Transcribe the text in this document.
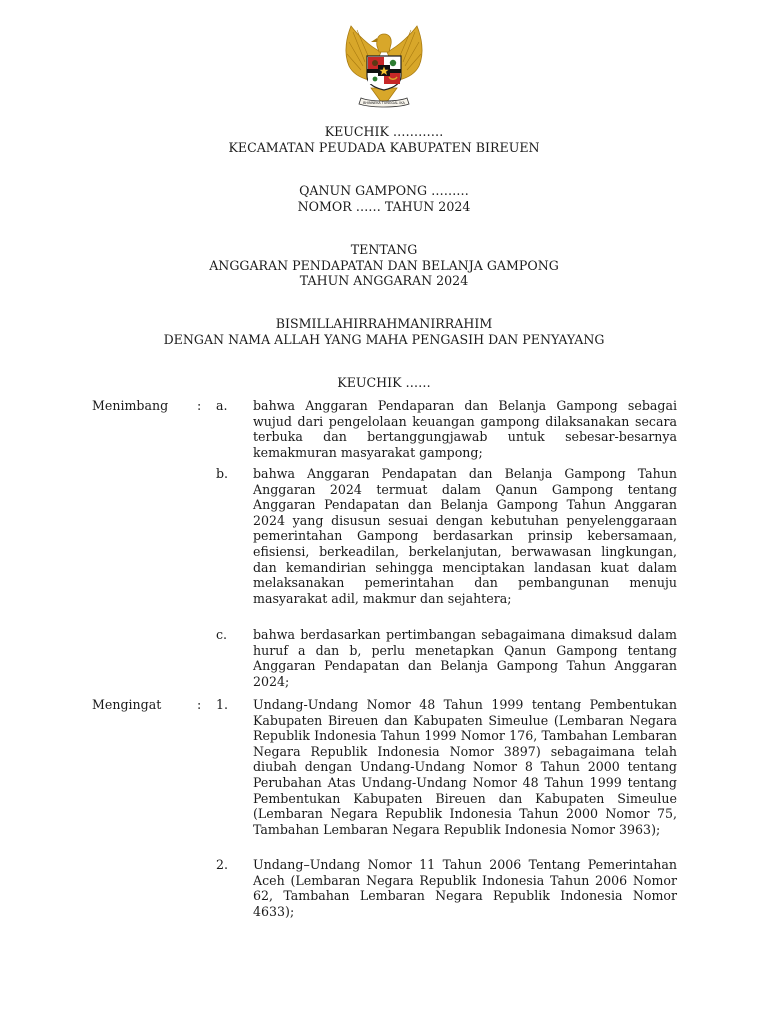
BHINNEKA TUNGGAL IKA
KEUCHIK …………
KECAMATAN PEUDADA KABUPATEN BIREUEN
QANUN GAMPONG ………
NOMOR …… TAHUN 2024
TENTANG
ANGGARAN PENDAPATAN DAN BELANJA GAMPONG
TAHUN ANGGARAN 2024
BISMILLAHIRRAHMANIRRAHIM
DENGAN NAMA ALLAH YANG MAHA PENGASIH DAN PENYAYANG
KEUCHIK ……
Menimbang : a. bahwa Anggaran Pendaparan dan Belanja Gampong sebagai wujud dari pengelolaan keuangan gampong dilaksanakan secara terbuka dan bertanggungjawab untuk sebesar-besarnya kemakmuran masyarakat gampong;

b. bahwa Anggaran Pendapatan dan Belanja Gampong Tahun Anggaran 2024 termuat dalam Qanun Gampong tentang Anggaran Pendapatan dan Belanja Gampong Tahun Anggaran 2024 yang disusun sesuai dengan kebutuhan penyelenggaraan pemerintahan Gampong berdasarkan prinsip kebersamaan, efisiensi, berkeadilan, berkelanjutan, berwawasan lingkungan, dan kemandirian sehingga menciptakan landasan kuat dalam melaksanakan pemerintahan dan pembangunan menuju masyarakat adil, makmur dan sejahtera;

c. bahwa berdasarkan pertimbangan sebagaimana dimaksud dalam huruf a dan b, perlu menetapkan Qanun Gampong tentang Anggaran Pendapatan dan Belanja Gampong Tahun Anggaran 2024;

Mengingat	: 1. Undang-Undang Nomor 48 Tahun 1999 tentang Pembentukan Kabupaten Bireuen dan Kabupaten Simeulue (Lembaran Negara Republik Indonesia Tahun 1999 Nomor 176, Tambahan Lembaran Negara Republik Indonesia Nomor 3897) sebagaimana telah diubah dengan Undang-Undang Nomor 8 Tahun 2000 tentang Perubahan Atas Undang-Undang Nomor 48 Tahun 1999 tentang Pembentukan Kabupaten Bireuen dan Kabupaten Simeulue (Lembaran Negara Republik Indonesia Tahun 2000 Nomor 75, Tambahan Lembaran Negara Republik Indonesia Nomor 3963);

2. Undang–Undang Nomor 11 Tahun 2006 Tentang Pemerintahan Aceh (Lembaran Negara Republik Indonesia Tahun 2006 Nomor 62, Tambahan Lembaran Negara Republik Indonesia Nomor 4633);
